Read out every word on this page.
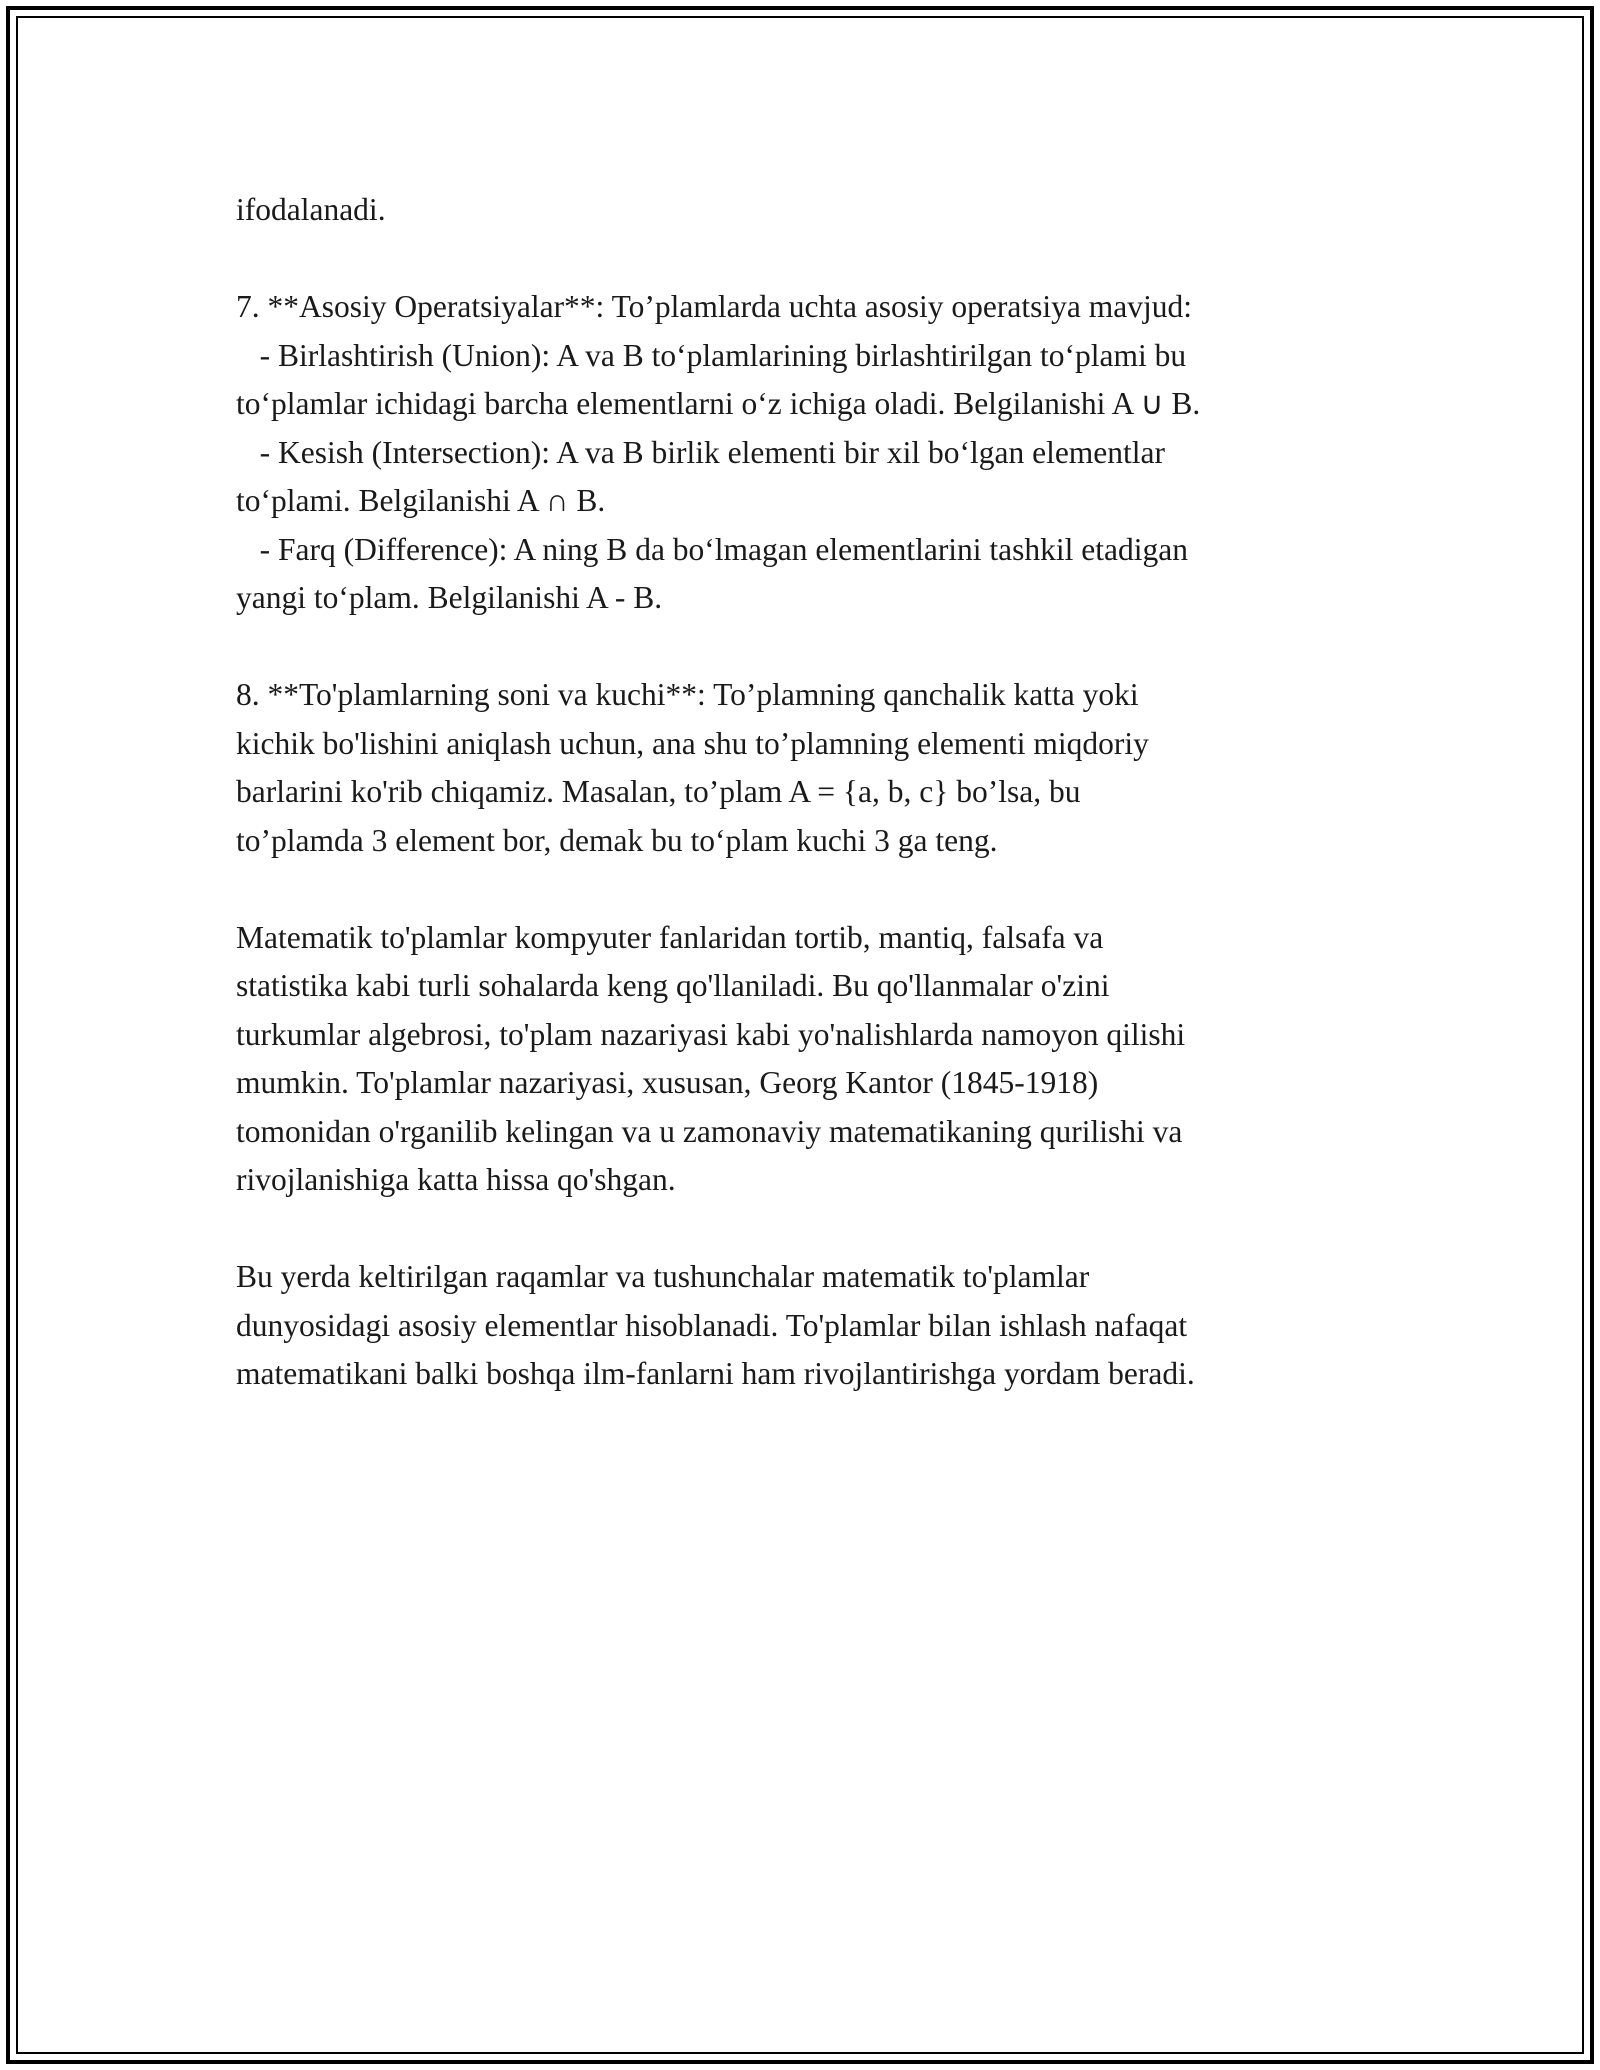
ifodalanadi.
7. **Asosiy Operatsiyalar**: To’plamlarda uchta asosiy operatsiya mavjud:
- Birlashtirish (Union): A va B to‘plamlarining birlashtirilgan to‘plami bu
to‘plamlar ichidagi barcha elementlarni o‘z ichiga oladi. Belgilanishi A ∪ B.
- Kesish (Intersection): A va B birlik elementi bir xil bo‘lgan elementlar
to‘plami. Belgilanishi A ∩ B.
- Farq (Difference): A ning B da bo‘lmagan elementlarini tashkil etadigan
yangi to‘plam. Belgilanishi A - B.
8. **To'plamlarning soni va kuchi**: To’plamning qanchalik katta yoki
kichik bo'lishini aniqlash uchun, ana shu to’plamning elementi miqdoriy
barlarini ko'rib chiqamiz. Masalan, to’plam A = {a, b, c} bo’lsa, bu
to’plamda 3 element bor, demak bu to‘plam kuchi 3 ga teng.
Matematik to'plamlar kompyuter fanlaridan tortib, mantiq, falsafa va
statistika kabi turli sohalarda keng qo'llaniladi. Bu qo'llanmalar o'zini
turkumlar algebrosi, to'plam nazariyasi kabi yo'nalishlarda namoyon qilishi
mumkin. To'plamlar nazariyasi, xususan, Georg Kantor (1845-1918)
tomonidan o'rganilib kelingan va u zamonaviy matematikaning qurilishi va
rivojlanishiga katta hissa qo'shgan.
Bu yerda keltirilgan raqamlar va tushunchalar matematik to'plamlar
dunyosidagi asosiy elementlar hisoblanadi. To'plamlar bilan ishlash nafaqat
matematikani balki boshqa ilm-fanlarni ham rivojlantirishga yordam beradi.
